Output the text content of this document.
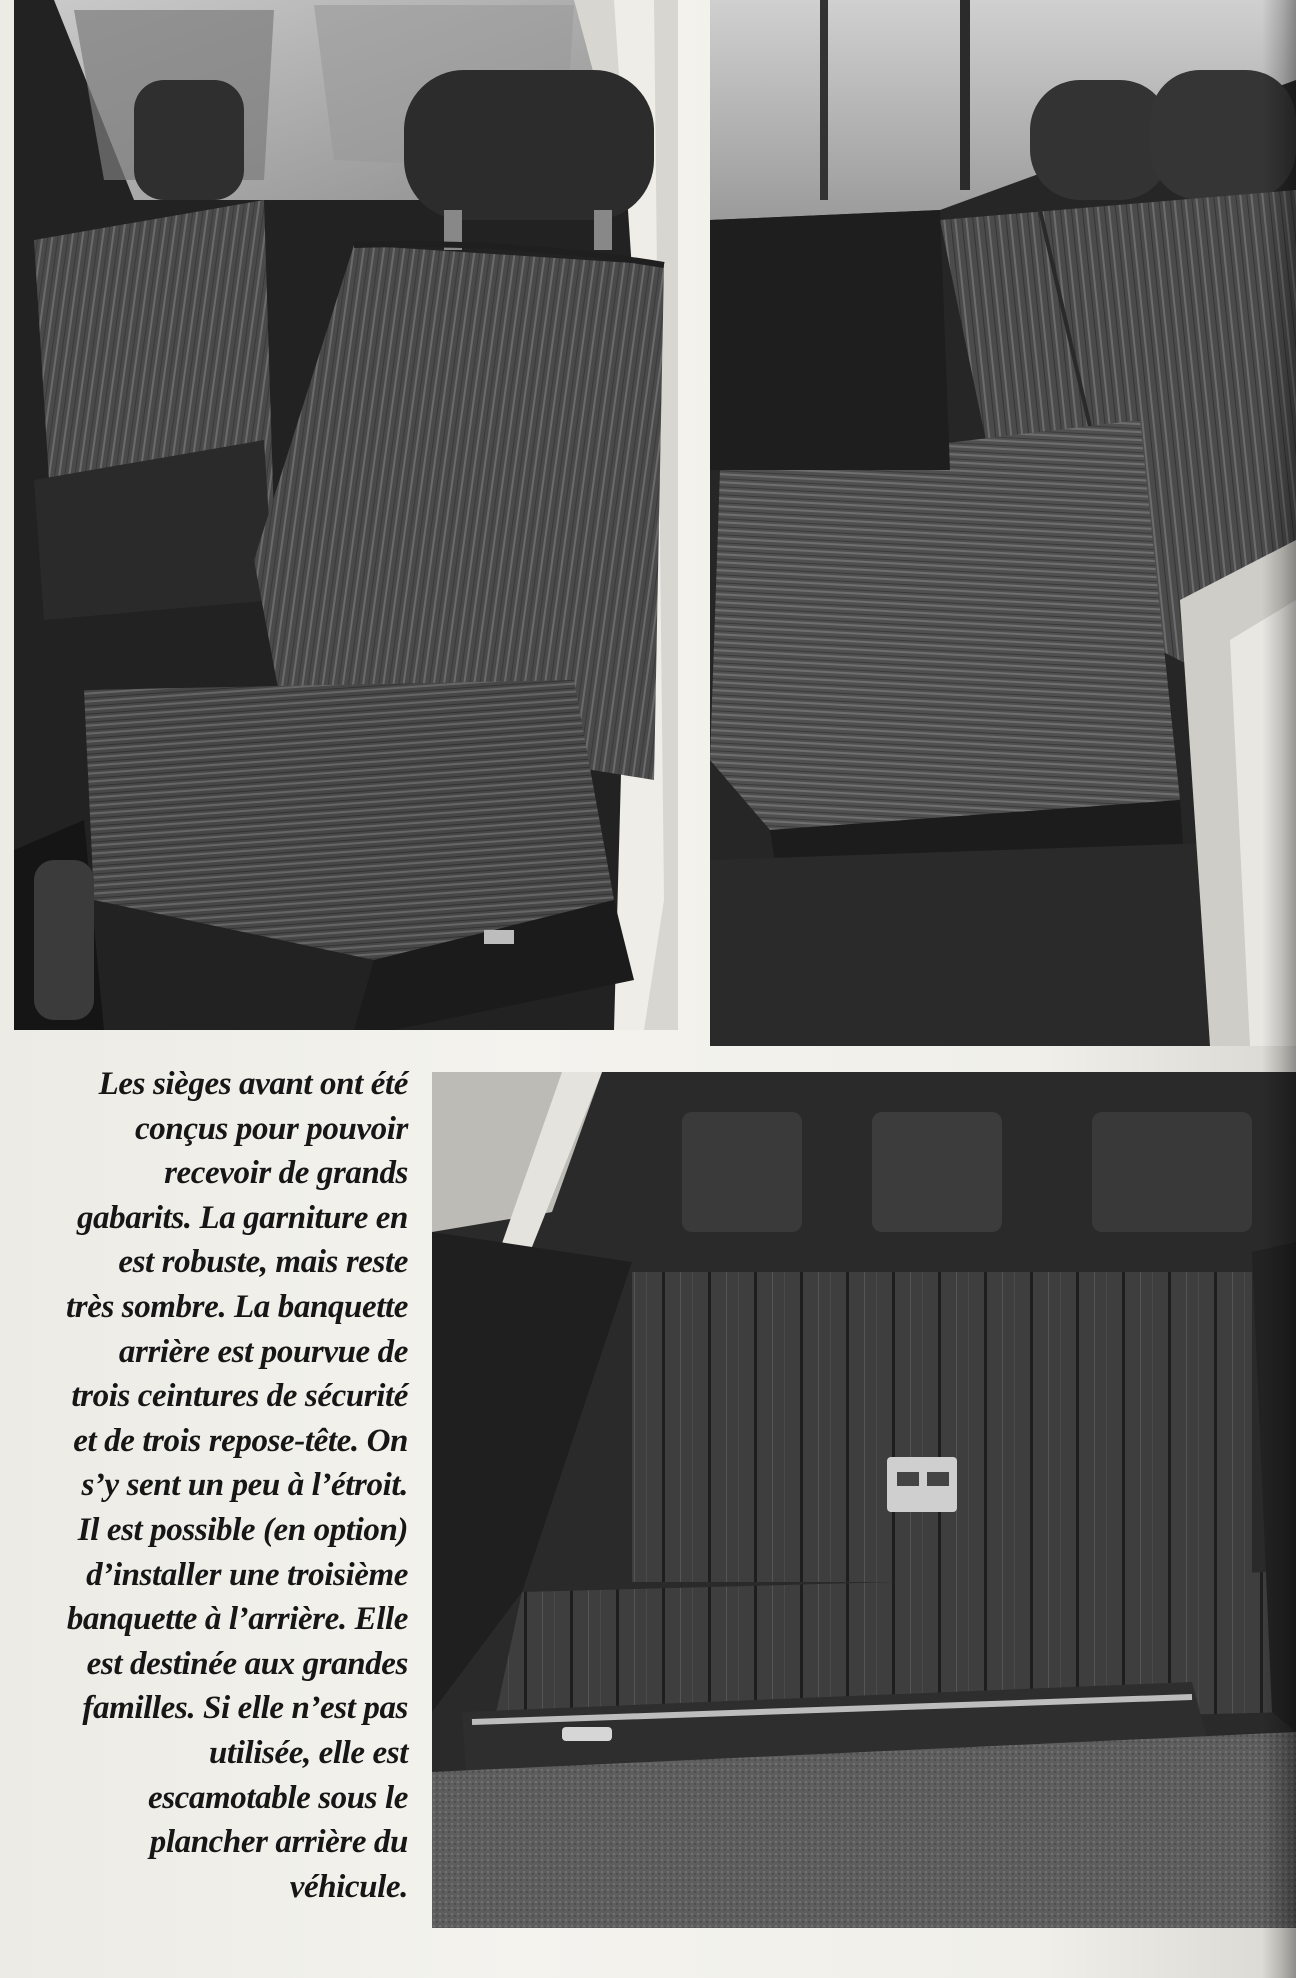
Les sièges avant ont été
conçus pour pouvoir
recevoir de grands
gabarits. La garniture en
est robuste, mais reste
très sombre. La banquette
arrière est pourvue de
trois ceintures de sécurité
et de trois repose-tête. On
s’y sent un peu à l’étroit.
Il est possible (en option)
d’installer une troisième
banquette à l’arrière. Elle
est destinée aux grandes
familles. Si elle n’est pas
utilisée, elle est
escamotable sous le
plancher arrière du
véhicule.
